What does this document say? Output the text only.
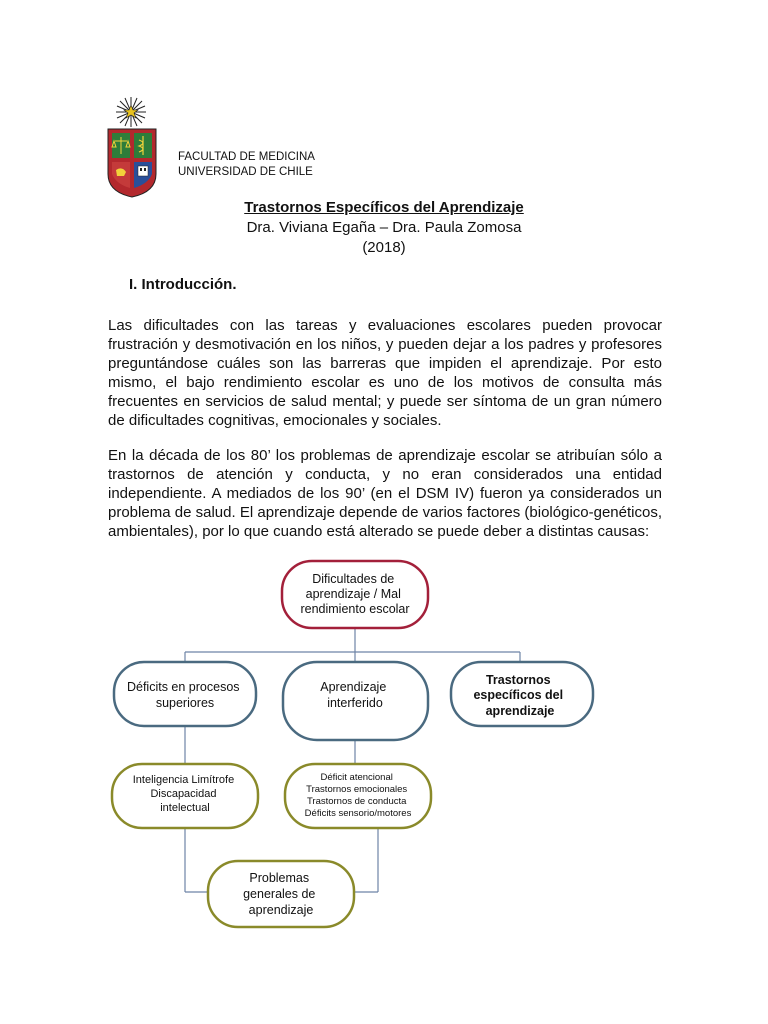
FACULTAD DE MEDICINA
UNIVERSIDAD DE CHILE
Trastornos Específicos del Aprendizaje
Dra. Viviana Egaña – Dra. Paula Zomosa
(2018)
I. Introducción.
Las dificultades con las tareas y evaluaciones escolares pueden provocar frustración y desmotivación en los niños, y pueden dejar a los padres y profesores preguntándose cuáles son las barreras que impiden el aprendizaje. Por esto mismo, el bajo rendimiento escolar es uno de los motivos de consulta más frecuentes en servicios de salud mental; y puede ser síntoma de un gran número de dificultades cognitivas, emocionales y sociales.
En la década de los 80’ los problemas de aprendizaje escolar se atribuían sólo a trastornos de atención y conducta, y no eran considerados una entidad independiente. A mediados de los 90’ (en el DSM IV) fueron ya considerados un problema de salud. El aprendizaje depende de varios factores (biológico-genéticos, ambientales), por lo que cuando está alterado se puede deber a distintas causas:
Dificultades de aprendizaje / Mal rendimiento escolar
Déficits en procesos superiores
Aprendizaje interferido
Trastornos específicos del aprendizaje
Inteligencia Limítrofe Discapacidad intelectual
Déficit atencional Trastornos emocionales Trastornos de conducta Déficits sensorio/motores
Problemas generales de aprendizaje
